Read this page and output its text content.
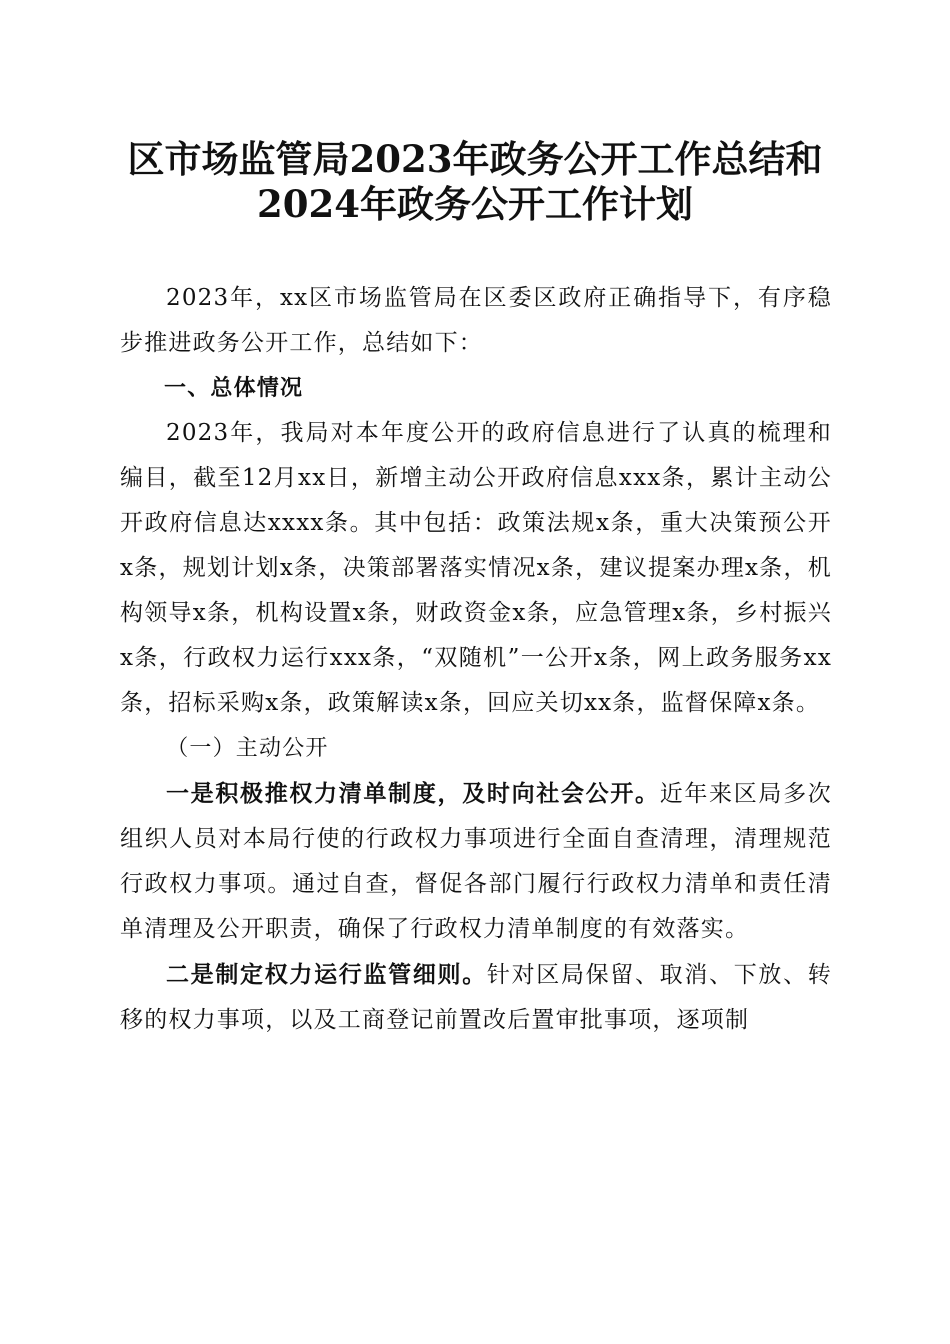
区市场监管局2023年政务公开工作总结和
2024年政务公开工作计划

2023年，xx区市场监管局在区委区政府正确指导下，有序稳步推进政务公开工作，总结如下：

一、总体情况

2023年，我局对本年度公开的政府信息进行了认真的梳理和编目，截至12月xx日，新增主动公开政府信息xxx条，累计主动公开政府信息达xxxx条。其中包括：政策法规x条，重大决策预公开x条，规划计划x条，决策部署落实情况x条，建议提案办理x条，机构领导x条，机构设置x条，财政资金x条，应急管理x条，乡村振兴x条，行政权力运行xxx条，“双随机”一公开x条，网上政务服务xx条，招标采购x条，政策解读x条，回应关切xx条，监督保障x条。

（一）主动公开

一是积极推权力清单制度，及时向社会公开。近年来区局多次组织人员对本局行使的行政权力事项进行全面自查清理，清理规范行政权力事项。通过自查，督促各部门履行行政权力清单和责任清单清理及公开职责，确保了行政权力清单制度的有效落实。

二是制定权力运行监管细则。针对区局保留、取消、下放、转移的权力事项，以及工商登记前置改后置审批事项，逐项制
